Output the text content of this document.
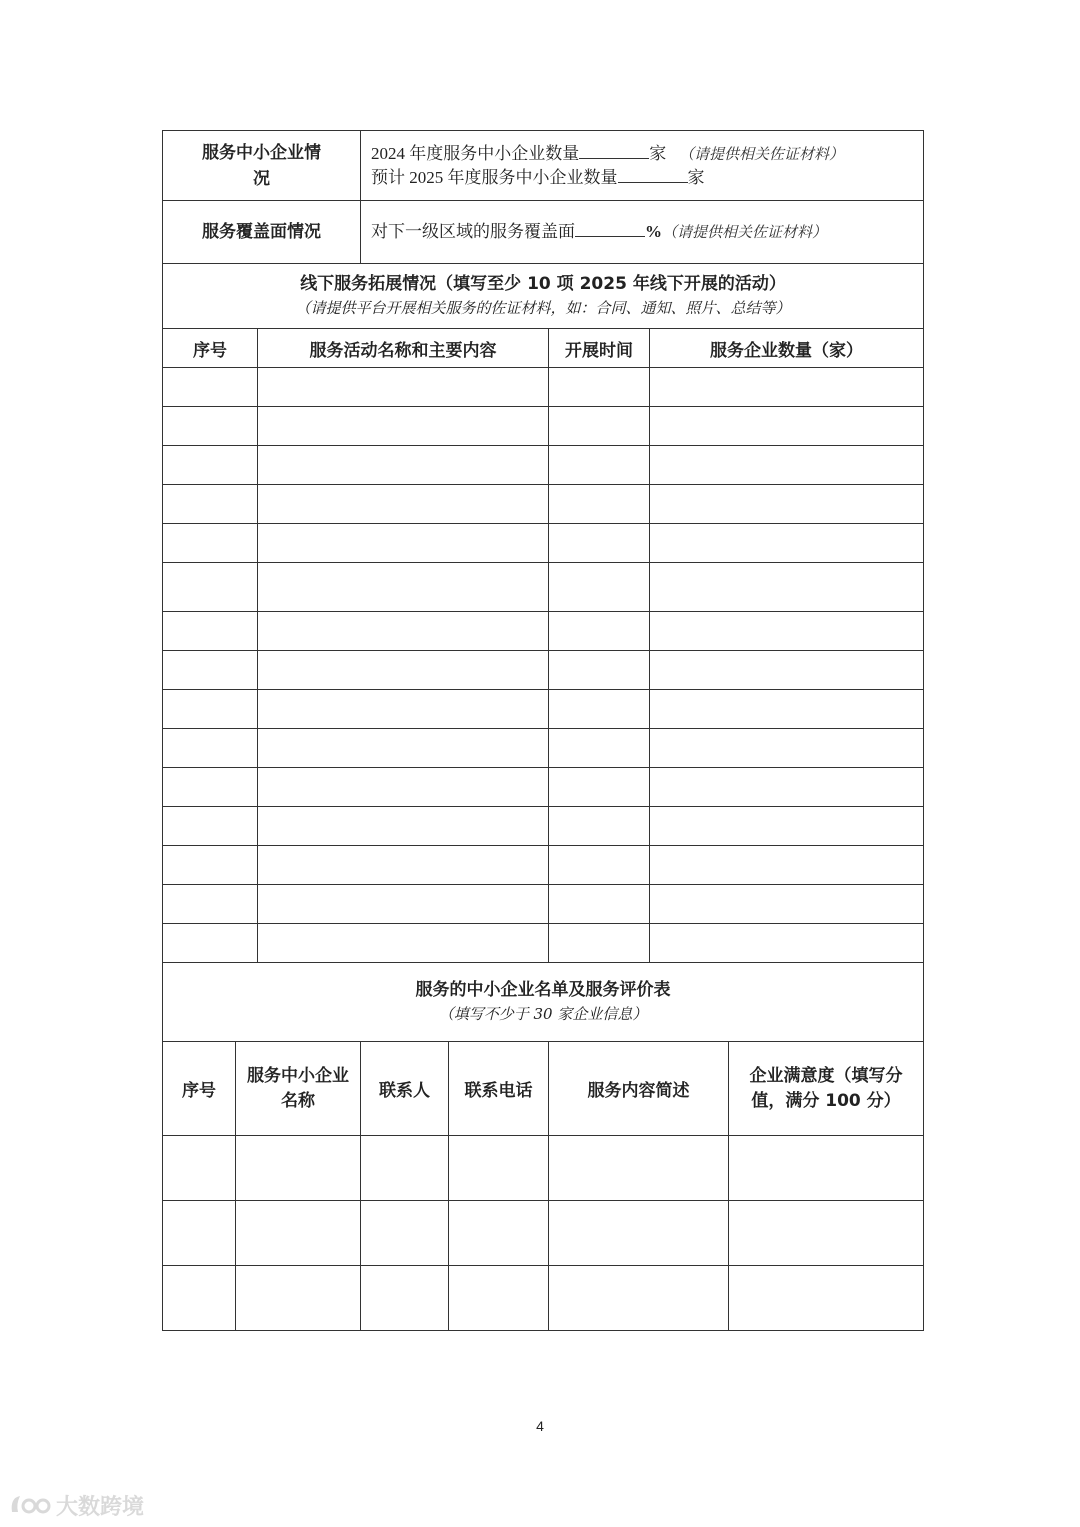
服务中小企业情况			2024 年度服务中小企业数量 家 （请提供相关佐证材料）
预计 2025 年度服务中小企业数量 家				

服务覆盖面情况			对下一级区域的服务覆盖面 %（请提供相关佐证材料）				
线下服务拓展情况（填写至少 10 项 2025 年线下开展的活动）
（请提供平台开展相关服务的佐证材料，如：合同、通知、照片、总结等）							

序号		服务活动名称和主要内容			开展时间	服务企业数量（家）	

服务的中小企业名单及服务评价表
（填写不少于 30 家企业信息）							

序号	服务中小企业名称		联系人	联系电话	服务内容简述		企业满意度（填写分值，满分 100 分）

4
大数跨境
